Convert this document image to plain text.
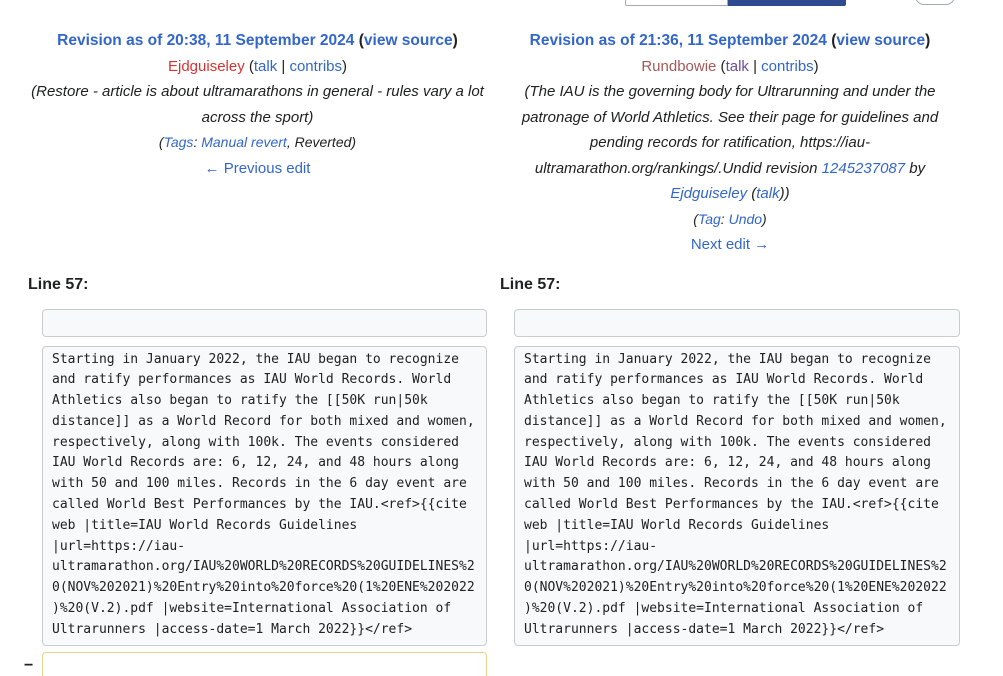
Revision as of 20:38, 11 September 2024 (view source)
Ejdguiseley (talk | contribs)
(Restore - article is about ultramarathons in general - rules vary a lot across the sport)
(Tags: Manual revert, Reverted)
← Previous edit
Revision as of 21:36, 11 September 2024 (view source)
Rundbowie (talk | contribs)
(The IAU is the governing body for Ultrarunning and under the patronage of World Athletics. See their page for guidelines and pending records for ratification, https://iau-ultramarathon.org/rankings/.Undid revision 1245237087 by Ejdguiseley (talk))
(Tag: Undo)
Next edit →
Line 57:	Line 57:
Starting in January 2022, the IAU began to recognize and ratify performances as IAU World Records. World Athletics also began to ratify the [[50K run|50k distance]] as a World Record for both mixed and women, respectively, along with 100k. The events considered IAU World Records are: 6, 12, 24, and 48 hours along with 50 and 100 miles. Records in the 6 day event are called World Best Performances by the IAU.<ref>{{cite web |title=IAU World Records Guidelines |url=https://iau-ultramarathon.org/IAU%20WORLD%20RECORDS%20GUIDELINES%20(NOV%202021)%20Entry%20into%20force%20(1%20ENE%202022)%20(V.2).pdf |website=International Association of Ultrarunners |access-date=1 March 2022}}</ref>
Starting in January 2022, the IAU began to recognize and ratify performances as IAU World Records. World Athletics also began to ratify the [[50K run|50k distance]] as a World Record for both mixed and women, respectively, along with 100k. The events considered IAU World Records are: 6, 12, 24, and 48 hours along with 50 and 100 miles. Records in the 6 day event are called World Best Performances by the IAU.<ref>{{cite web |title=IAU World Records Guidelines |url=https://iau-ultramarathon.org/IAU%20WORLD%20RECORDS%20GUIDELINES%20(NOV%202021)%20Entry%20into%20force%20(1%20ENE%202022)%20(V.2).pdf |website=International Association of Ultrarunners |access-date=1 March 2022}}</ref>
−
